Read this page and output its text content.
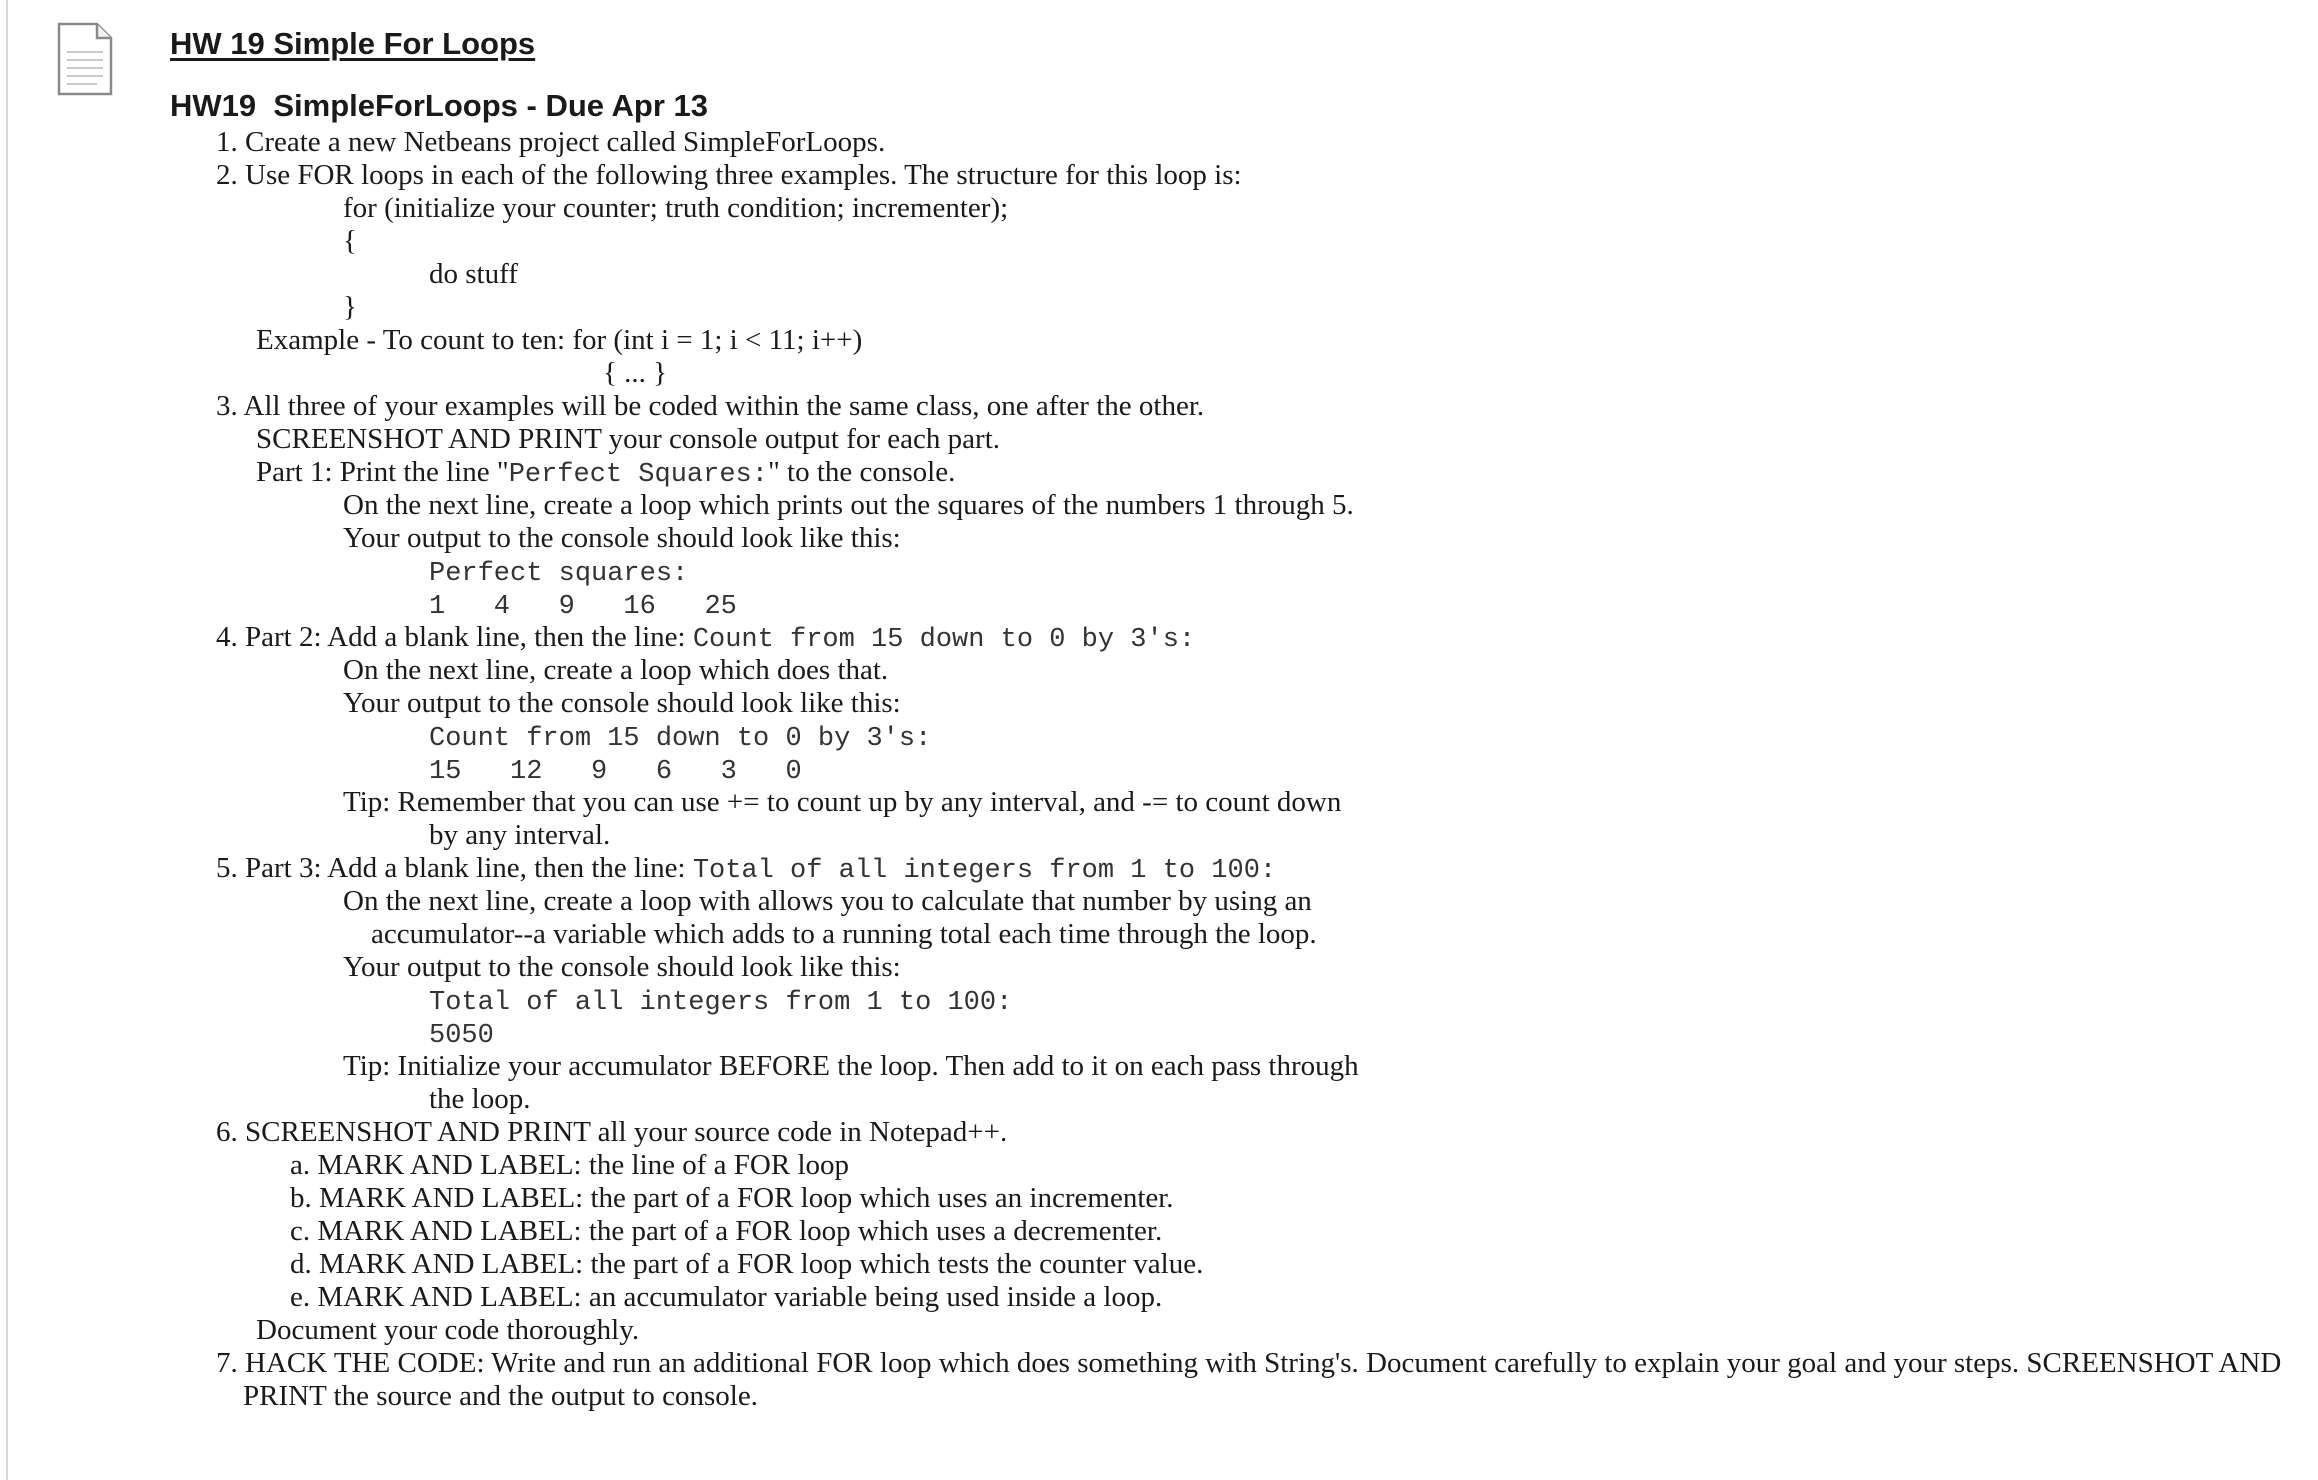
HW 19 Simple For Loops
HW19  SimpleForLoops - Due Apr 13
1. Create a new Netbeans project called SimpleForLoops.
2. Use FOR loops in each of the following three examples. The structure for this loop is:
for (initialize your counter; truth condition; incrementer);
{
do stuff
}
Example - To count to ten: for (int i = 1; i < 11; i++)
{ ... }
3. All three of your examples will be coded within the same class, one after the other.
SCREENSHOT AND PRINT your console output for each part.
Part 1: Print the line "Perfect Squares:" to the console.
On the next line, create a loop which prints out the squares of the numbers 1 through 5.
Your output to the console should look like this:
Perfect squares:
1   4   9   16   25
4. Part 2: Add a blank line, then the line: Count from 15 down to 0 by 3's:
On the next line, create a loop which does that.
Your output to the console should look like this:
Count from 15 down to 0 by 3's:
15   12   9   6   3   0
Tip: Remember that you can use += to count up by any interval, and -= to count down
by any interval.
5. Part 3: Add a blank line, then the line: Total of all integers from 1 to 100:
On the next line, create a loop with allows you to calculate that number by using an
accumulator--a variable which adds to a running total each time through the loop.
Your output to the console should look like this:
Total of all integers from 1 to 100:
5050
Tip: Initialize your accumulator BEFORE the loop. Then add to it on each pass through
the loop.
6. SCREENSHOT AND PRINT all your source code in Notepad++.
a. MARK AND LABEL: the line of a FOR loop
b. MARK AND LABEL: the part of a FOR loop which uses an incrementer.
c. MARK AND LABEL: the part of a FOR loop which uses a decrementer.
d. MARK AND LABEL: the part of a FOR loop which tests the counter value.
e. MARK AND LABEL: an accumulator variable being used inside a loop.
Document your code thoroughly.
7. HACK THE CODE: Write and run an additional FOR loop which does something with String's. Document carefully to explain your goal and your steps. SCREENSHOT AND
PRINT the source and the output to console.
